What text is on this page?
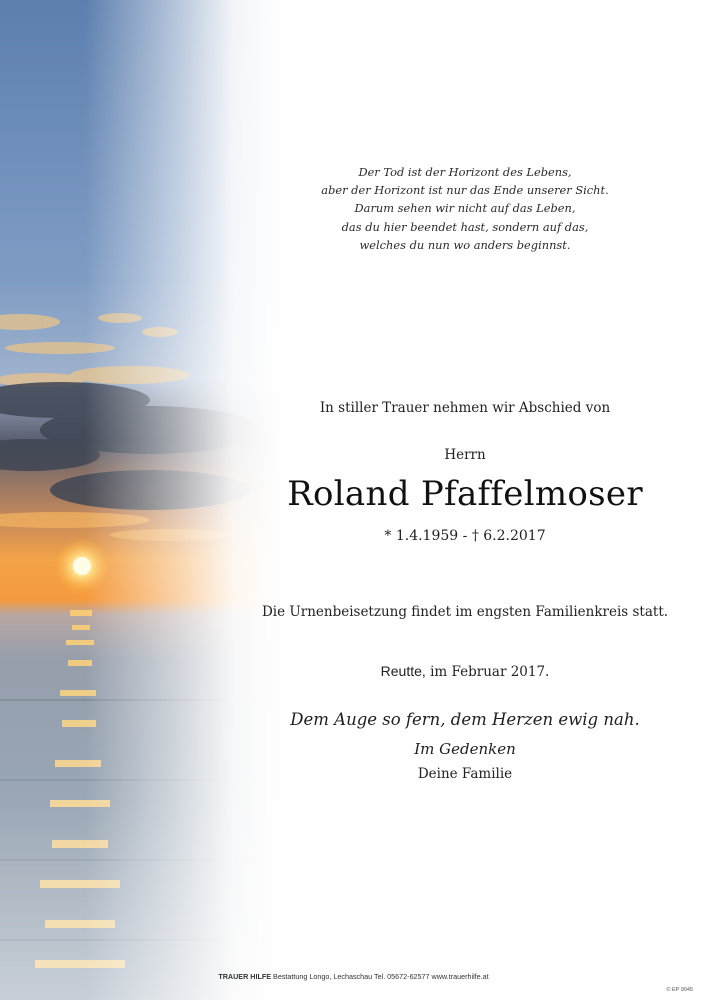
Der Tod ist der Horizont des Lebens,
aber der Horizont ist nur das Ende unserer Sicht.
Darum sehen wir nicht auf das Leben,
das du hier beendet hast, sondern auf das,
welches du nun wo anders beginnst.
In stiller Trauer nehmen wir Abschied von
Herrn
Roland Pfaffelmoser
* 1.4.1959 - † 6.2.2017
Die Urnenbeisetzung findet im engsten Familienkreis statt.
Reutte, im Februar 2017.
Dem Auge so fern, dem Herzen ewig nah.
Im Gedenken
Deine Familie
TRAUER HILFE Bestattung Longo, Lechaschau Tel. 05672-62577 www.trauerhilfe.at
© EP 9045
